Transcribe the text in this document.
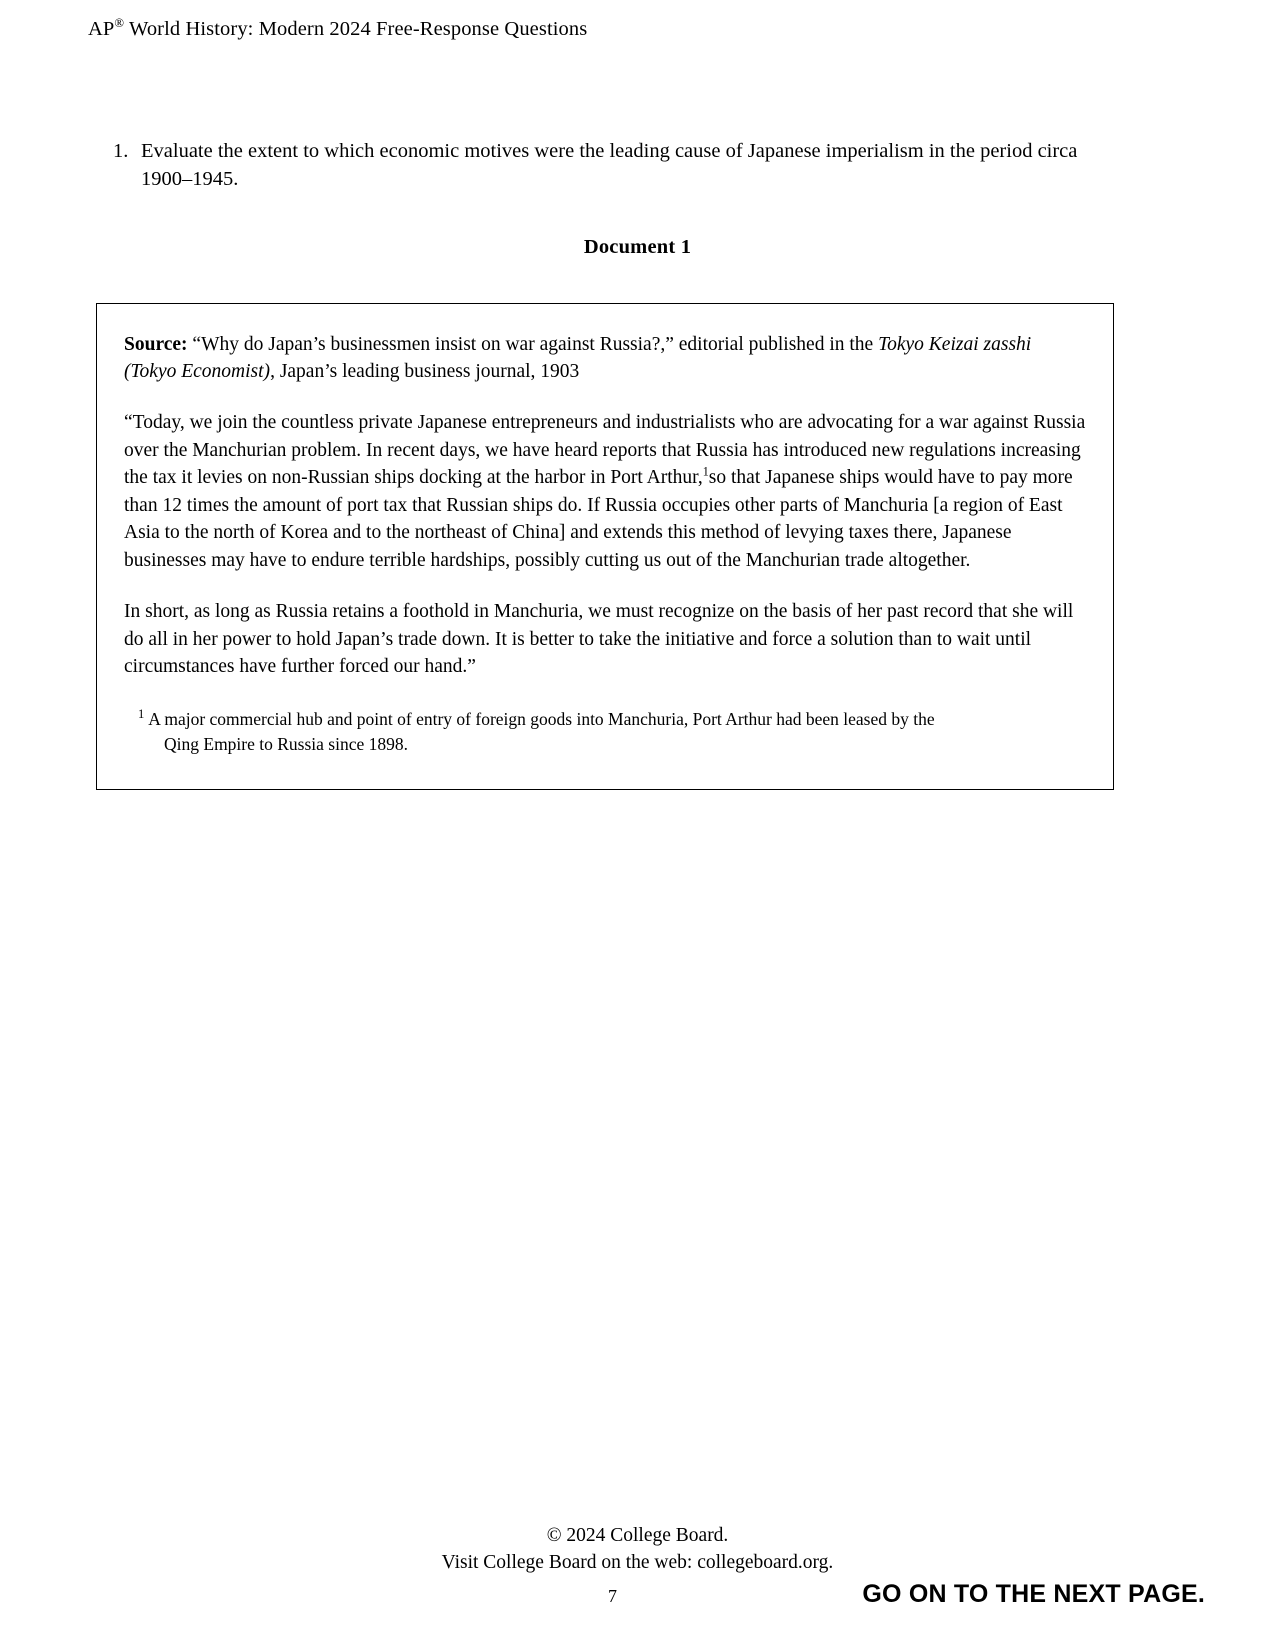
AP® World History: Modern 2024 Free-Response Questions
1. Evaluate the extent to which economic motives were the leading cause of Japanese imperialism in the period circa 1900–1945.
Document 1

Source: “Why do Japan’s businessmen insist on war against Russia?,” editorial published in the Tokyo Keizai zasshi (Tokyo Economist), Japan’s leading business journal, 1903

“Today, we join the countless private Japanese entrepreneurs and industrialists who are advocating for a war against Russia over the Manchurian problem. In recent days, we have heard reports that Russia has introduced new regulations increasing the tax it levies on non-Russian ships docking at the harbor in Port Arthur,$^1$so that Japanese ships would have to pay more than 12 times the amount of port tax that Russian ships do. If Russia occupies other parts of Manchuria [a region of East Asia to the north of Korea and to the northeast of China] and extends this method of levying taxes there, Japanese businesses may have to endure terrible hardships, possibly cutting us out of the Manchurian trade altogether.

In short, as long as Russia retains a foothold in Manchuria, we must recognize on the basis of her past record that she will do all in her power to hold Japan’s trade down. It is better to take the initiative and force a solution than to wait until circumstances have further forced our hand.”

$^1$ A major commercial hub and point of entry of foreign goods into Manchuria, Port Arthur had been leased by the
Qing Empire to Russia since 1898.

© 2024 College Board.
Visit College Board on the web: collegeboard.org.
7	GO ON TO THE NEXT PAGE.
